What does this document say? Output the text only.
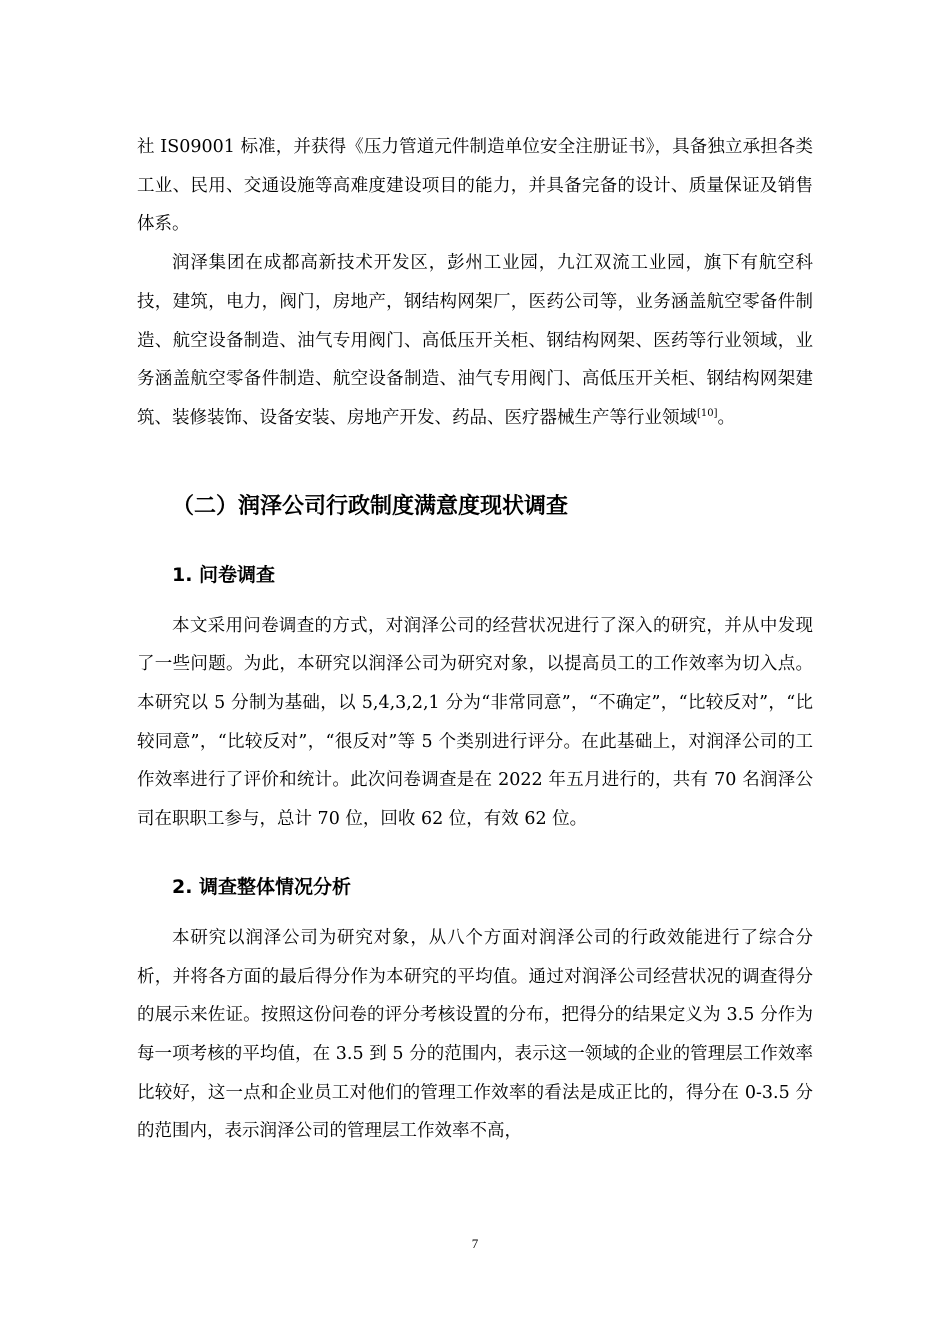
社 IS09001 标准，并获得《压力管道元件制造单位安全注册证书》，具备独立承担各类工业、民用、交通设施等高难度建设项目的能力，并具备完备的设计、质量保证及销售体系。

润泽集团在成都高新技术开发区，彭州工业园，九江双流工业园，旗下有航空科技，建筑，电力，阀门，房地产，钢结构网架厂，医药公司等，业务涵盖航空零备件制造、航空设备制造、油气专用阀门、高低压开关柜、钢结构网架、医药等行业领域，业务涵盖航空零备件制造、航空设备制造、油气专用阀门、高低压开关柜、钢结构网架建筑、装修装饰、设备安装、房地产开发、药品、医疗器械生产等行业领域[10]。

（二）润泽公司行政制度满意度现状调查
1. 问卷调查

本文采用问卷调查的方式，对润泽公司的经营状况进行了深入的研究，并从中发现了一些问题。为此，本研究以润泽公司为研究对象，以提高员工的工作效率为切入点。本研究以 5 分制为基础，以 5,4,3,2,1 分为“非常同意”，“不确定”，“比较反对”，“比较同意”，“比较反对”，“很反对”等 5 个类别进行评分。在此基础上，对润泽公司的工作效率进行了评价和统计。此次问卷调查是在 2022 年五月进行的，共有 70 名润泽公司在职职工参与，总计 70 位，回收 62 位，有效 62 位。

2. 调查整体情况分析

本研究以润泽公司为研究对象，从八个方面对润泽公司的行政效能进行了综合分析，并将各方面的最后得分作为本研究的平均值。通过对润泽公司经营状况的调查得分的展示来佐证。按照这份问卷的评分考核设置的分布，把得分的结果定义为 3.5 分作为每一项考核的平均值，在 3.5 到 5 分的范围内，表示这一领域的企业的管理层工作效率比较好，这一点和企业员工对他们的管理工作效率的看法是成正比的，得分在 0-3.5 分的范围内，表示润泽公司的管理层工作效率不高，

7
